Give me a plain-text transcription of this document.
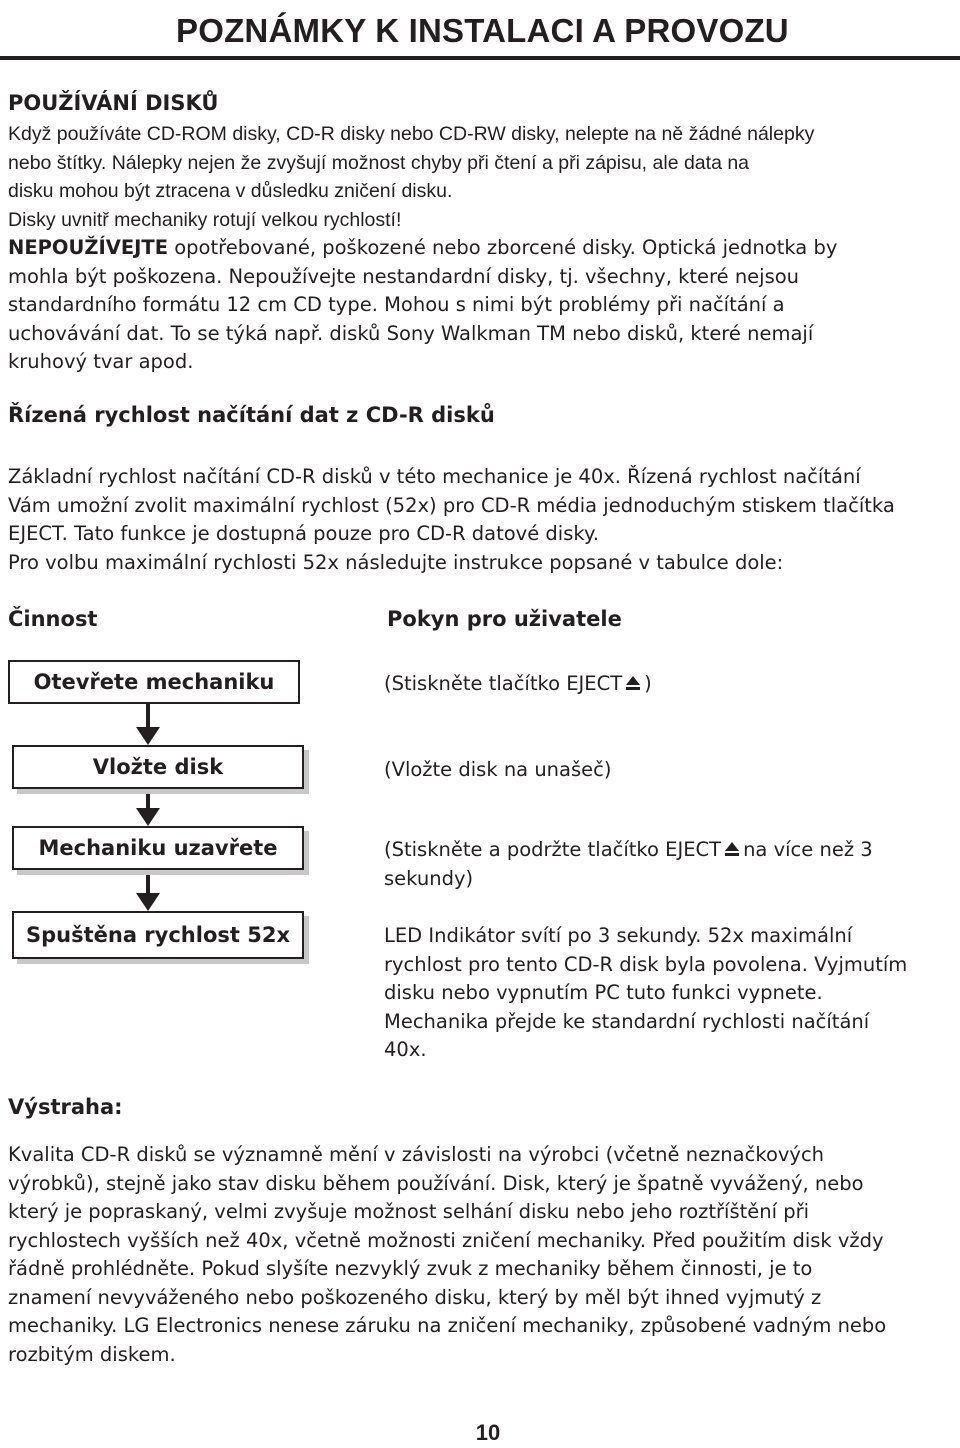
POZNÁMKY K INSTALACI A PROVOZU
POUŽÍVÁNÍ DISKŮ
Když používáte CD-ROM disky, CD-R disky nebo CD-RW disky, nelepte na ně žádné nálepky
nebo štítky. Nálepky nejen že zvyšují možnost chyby při čtení a při zápisu, ale data na
disku mohou být ztracena v důsledku zničení disku.
Disky uvnitř mechaniky rotují velkou rychlostí!
NEPOUŽÍVEJTE opotřebované, poškozené nebo zborcené disky. Optická jednotka by
mohla být poškozena. Nepoužívejte nestandardní disky, tj. všechny, které nejsou
standardního formátu 12 cm CD type. Mohou s nimi být problémy při načítání a
uchovávání dat. To se týká např. disků Sony Walkman TM nebo disků, které nemají
kruhový tvar apod.
Řízená rychlost načítání dat z CD-R disků
Základní rychlost načítání CD-R disků v této mechanice je 40x. Řízená rychlost načítání
Vám umožní zvolit maximální rychlost (52x) pro CD-R média jednoduchým stiskem tlačítka
EJECT. Tato funkce je dostupná pouze pro CD-R datové disky.
Pro volbu maximální rychlosti 52x následujte instrukce popsané v tabulce dole:
Činnost	Pokyn pro uživatele
Otevřete mechaniku	(Stiskněte tlačítko EJECT )
Vložte disk	(Vložte disk na unašeč)
Mechaniku uzavřete	(Stiskněte a podržte tlačítko EJECT na více než 3
sekundy)
Spuštěna rychlost 52x	LED Indikátor svítí po 3 sekundy. 52x maximální
rychlost pro tento CD-R disk byla povolena. Vyjmutím
disku nebo vypnutím PC tuto funkci vypnete.
Mechanika přejde ke standardní rychlosti načítání
40x.
Výstraha:
Kvalita CD-R disků se významně mění v závislosti na výrobci (včetně neznačkových
výrobků), stejně jako stav disku během používání. Disk, který je špatně vyvážený, nebo
který je popraskaný, velmi zvyšuje možnost selhání disku nebo jeho roztříštění při
rychlostech vyšších než 40x, včetně možnosti zničení mechaniky. Před použitím disk vždy
řádně prohlédněte. Pokud slyšíte nezvyklý zvuk z mechaniky během činnosti, je to
znamení nevyváženého nebo poškozeného disku, který by měl být ihned vyjmutý z
mechaniky. LG Electronics nenese záruku na zničení mechaniky, způsobené vadným nebo
rozbitým diskem.
10
